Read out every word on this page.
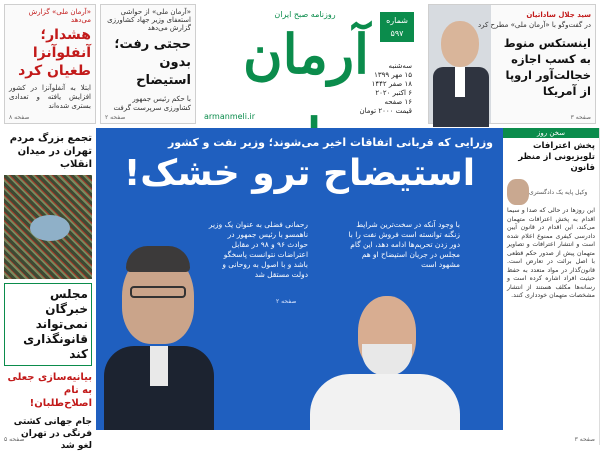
روزنامه صبح ایران
آرمان
شماره
۵۹۷
سه‌شنبه
۱۵ مهر ۱۳۹۹
۱۸ صفر ۱۴۴۲
۶ اکتبر ۲۰۲۰
۱۶ صفحه
قیمت ۲۰۰۰ تومان
armanmeli.ir
«آرمان ملی» گزارش می‌دهد
هشدار؛ آنفلوآنزا طغیان کرد
ابتلا به آنفلوآنزا در کشور افزایش یافته و تعدادی بستری شده‌اند
صفحه ۸
«آرمان ملی» از حواشی استعفای وزیر جهاد کشاورزی گزارش می‌دهد
حجتی رفت؛ بدون استیضاح
با حکم رئیس جمهور کشاورزی سرپرست گرفت
صفحه ۲
سید جلال ساداتیان
در گفت‌وگو با «آرمان ملی» مطرح کرد
اینستکس منوط به کسب اجازه خجالت‌آور اروپا از آمریکا
صفحه ۳
تجمع بزرگ مردم تهران در میدان انقلاب
مجلس خبرگان نمی‌تواند قانونگذاری کند
بیانیه‌سازی جعلی به نام اصلاح‌طلبان!
جام جهانی کشتی فرنگی در تهران لغو شد
صفحه ۵
وزرایی که قربانی اتفاقات اخیر می‌شوند؛ وزیر نفت و کشور
استیضاح ترو خشک!
رحمانی فضلی به عنوان یک وزیر ناهمسو با رئیس جمهور در حوادث ۹۶ و ۹۸ در مقابل اعتراضات نتوانست پاسخگو باشد و با اصول به روحانی و دولت مستقل شد
با وجود آنکه در سخت‌ترین شرایط زنگنه توانسته است فروش نفت را با دور زدن تحریم‌ها ادامه دهد، این گام مجلس در جریان استیضاح او هم مشهود است
صفحه ۲
سخن روز
پخش اعترافات تلویزیونی از منظر قانون
وکیل پایه یک دادگستری
این روزها در حالی که صدا و سیما اقدام به پخش اعترافات متهمان می‌کند، این اقدام در قانون آیین دادرسی کیفری ممنوع اعلام شده است و انتشار اعترافات و تصاویر متهمان پیش از صدور حکم قطعی با اصل برائت در تعارض است. قانون‌گذار در مواد متعدد به حفظ حیثیت افراد اشاره کرده است و رسانه‌ها مکلف هستند از انتشار مشخصات متهمان خودداری کنند.
صفحه ۳
